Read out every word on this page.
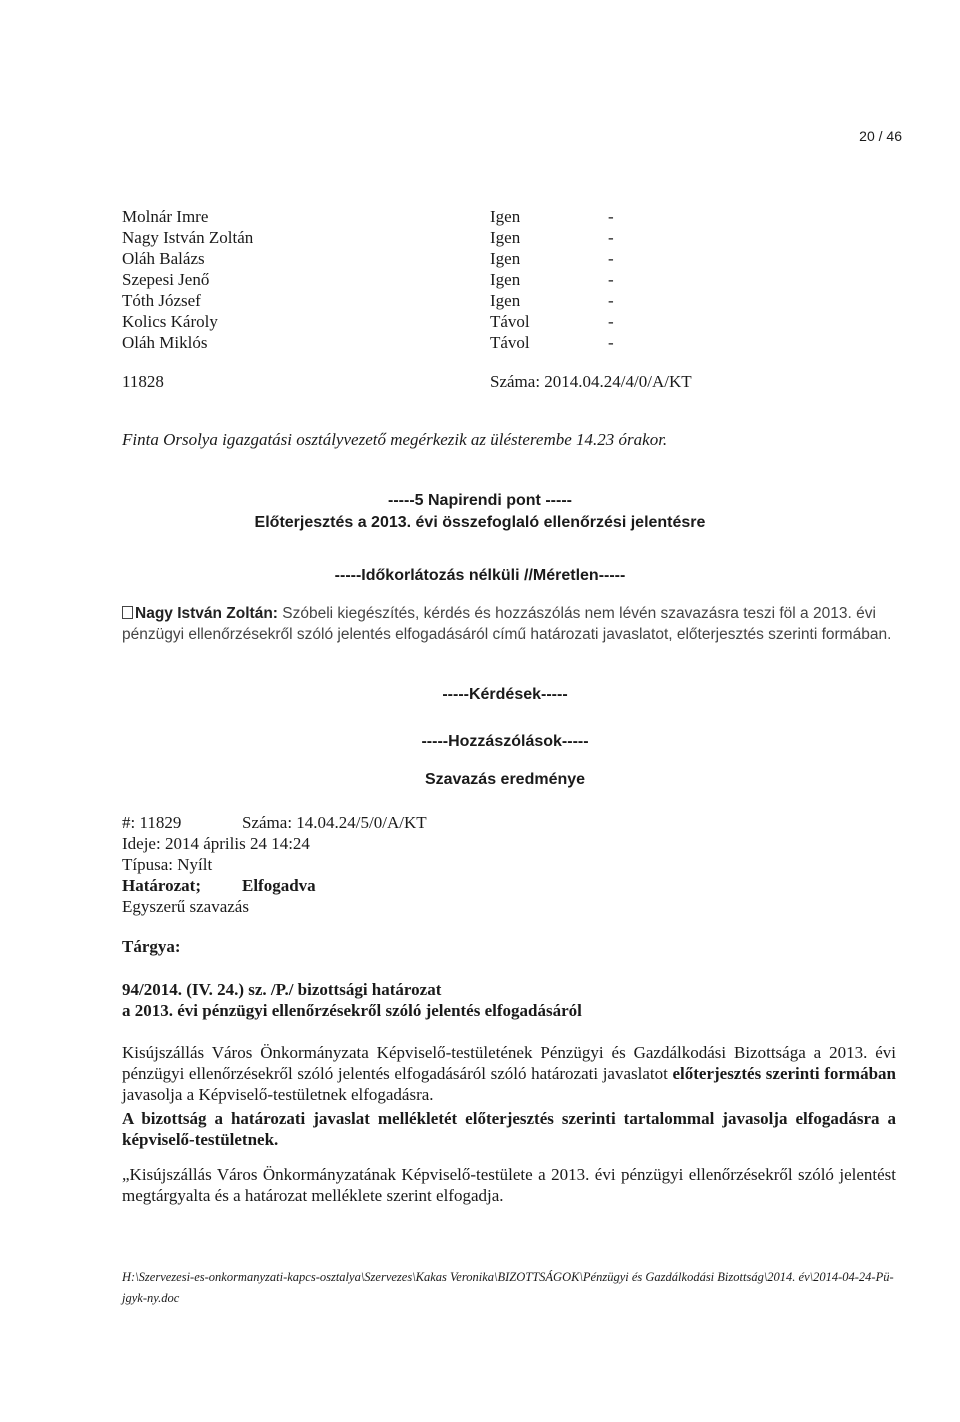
20 / 46
Molnár Imre	Igen	-
Nagy István Zoltán	Igen	-
Oláh Balázs	Igen	-
Szepesi Jenő	Igen	-
Tóth József	Igen	-
Kolics Károly	Távol	-
Oláh Miklós	Távol	-
11828	Száma: 2014.04.24/4/0/A/KT
Finta Orsolya igazgatási osztályvezető megérkezik az ülésterembe 14.23 órakor.
-----5 Napirendi pont -----
Előterjesztés a 2013. évi összefoglaló ellenőrzési jelentésre
-----Időkorlátozás nélküli //Méretlen-----
Nagy István Zoltán: Szóbeli kiegészítés, kérdés és hozzászólás nem lévén szavazásra teszi föl a 2013. évi pénzügyi ellenőrzésekről szóló jelentés elfogadásáról című határozati javaslatot, előterjesztés szerinti formában.
-----Kérdések-----
-----Hozzászólások-----
Szavazás eredménye
#: 11829	Száma: 14.04.24/5/0/A/KT
Ideje: 2014 április 24 14:24
Típusa: Nyílt
Határozat;	Elfogadva
Egyszerű szavazás
Tárgya:
94/2014. (IV. 24.) sz. /P./ bizottsági határozat
a 2013. évi pénzügyi ellenőrzésekről szóló jelentés elfogadásáról
Kisújszállás Város Önkormányzata Képviselő-testületének Pénzügyi és Gazdálkodási Bizottsága a 2013. évi pénzügyi ellenőrzésekről szóló jelentés elfogadásáról szóló határozati javaslatot előterjesztés szerinti formában javasolja a Képviselő-testületnek elfogadásra.
A bizottság a határozati javaslat mellékletét előterjesztés szerinti tartalommal javasolja elfogadásra a képviselő-testületnek.
„Kisújszállás Város Önkormányzatának Képviselő-testülete a 2013. évi pénzügyi ellenőrzésekről szóló jelentést megtárgyalta és a határozat melléklete szerint elfogadja.
H:\Szervezesi-es-onkormanyzati-kapcs-osztalya\Szervezes\Kakas Veronika\BIZOTTSÁGOK\Pénzügyi és Gazdálkodási Bizottság\2014. év\2014-04-24-Pü-jgyk-ny.doc
